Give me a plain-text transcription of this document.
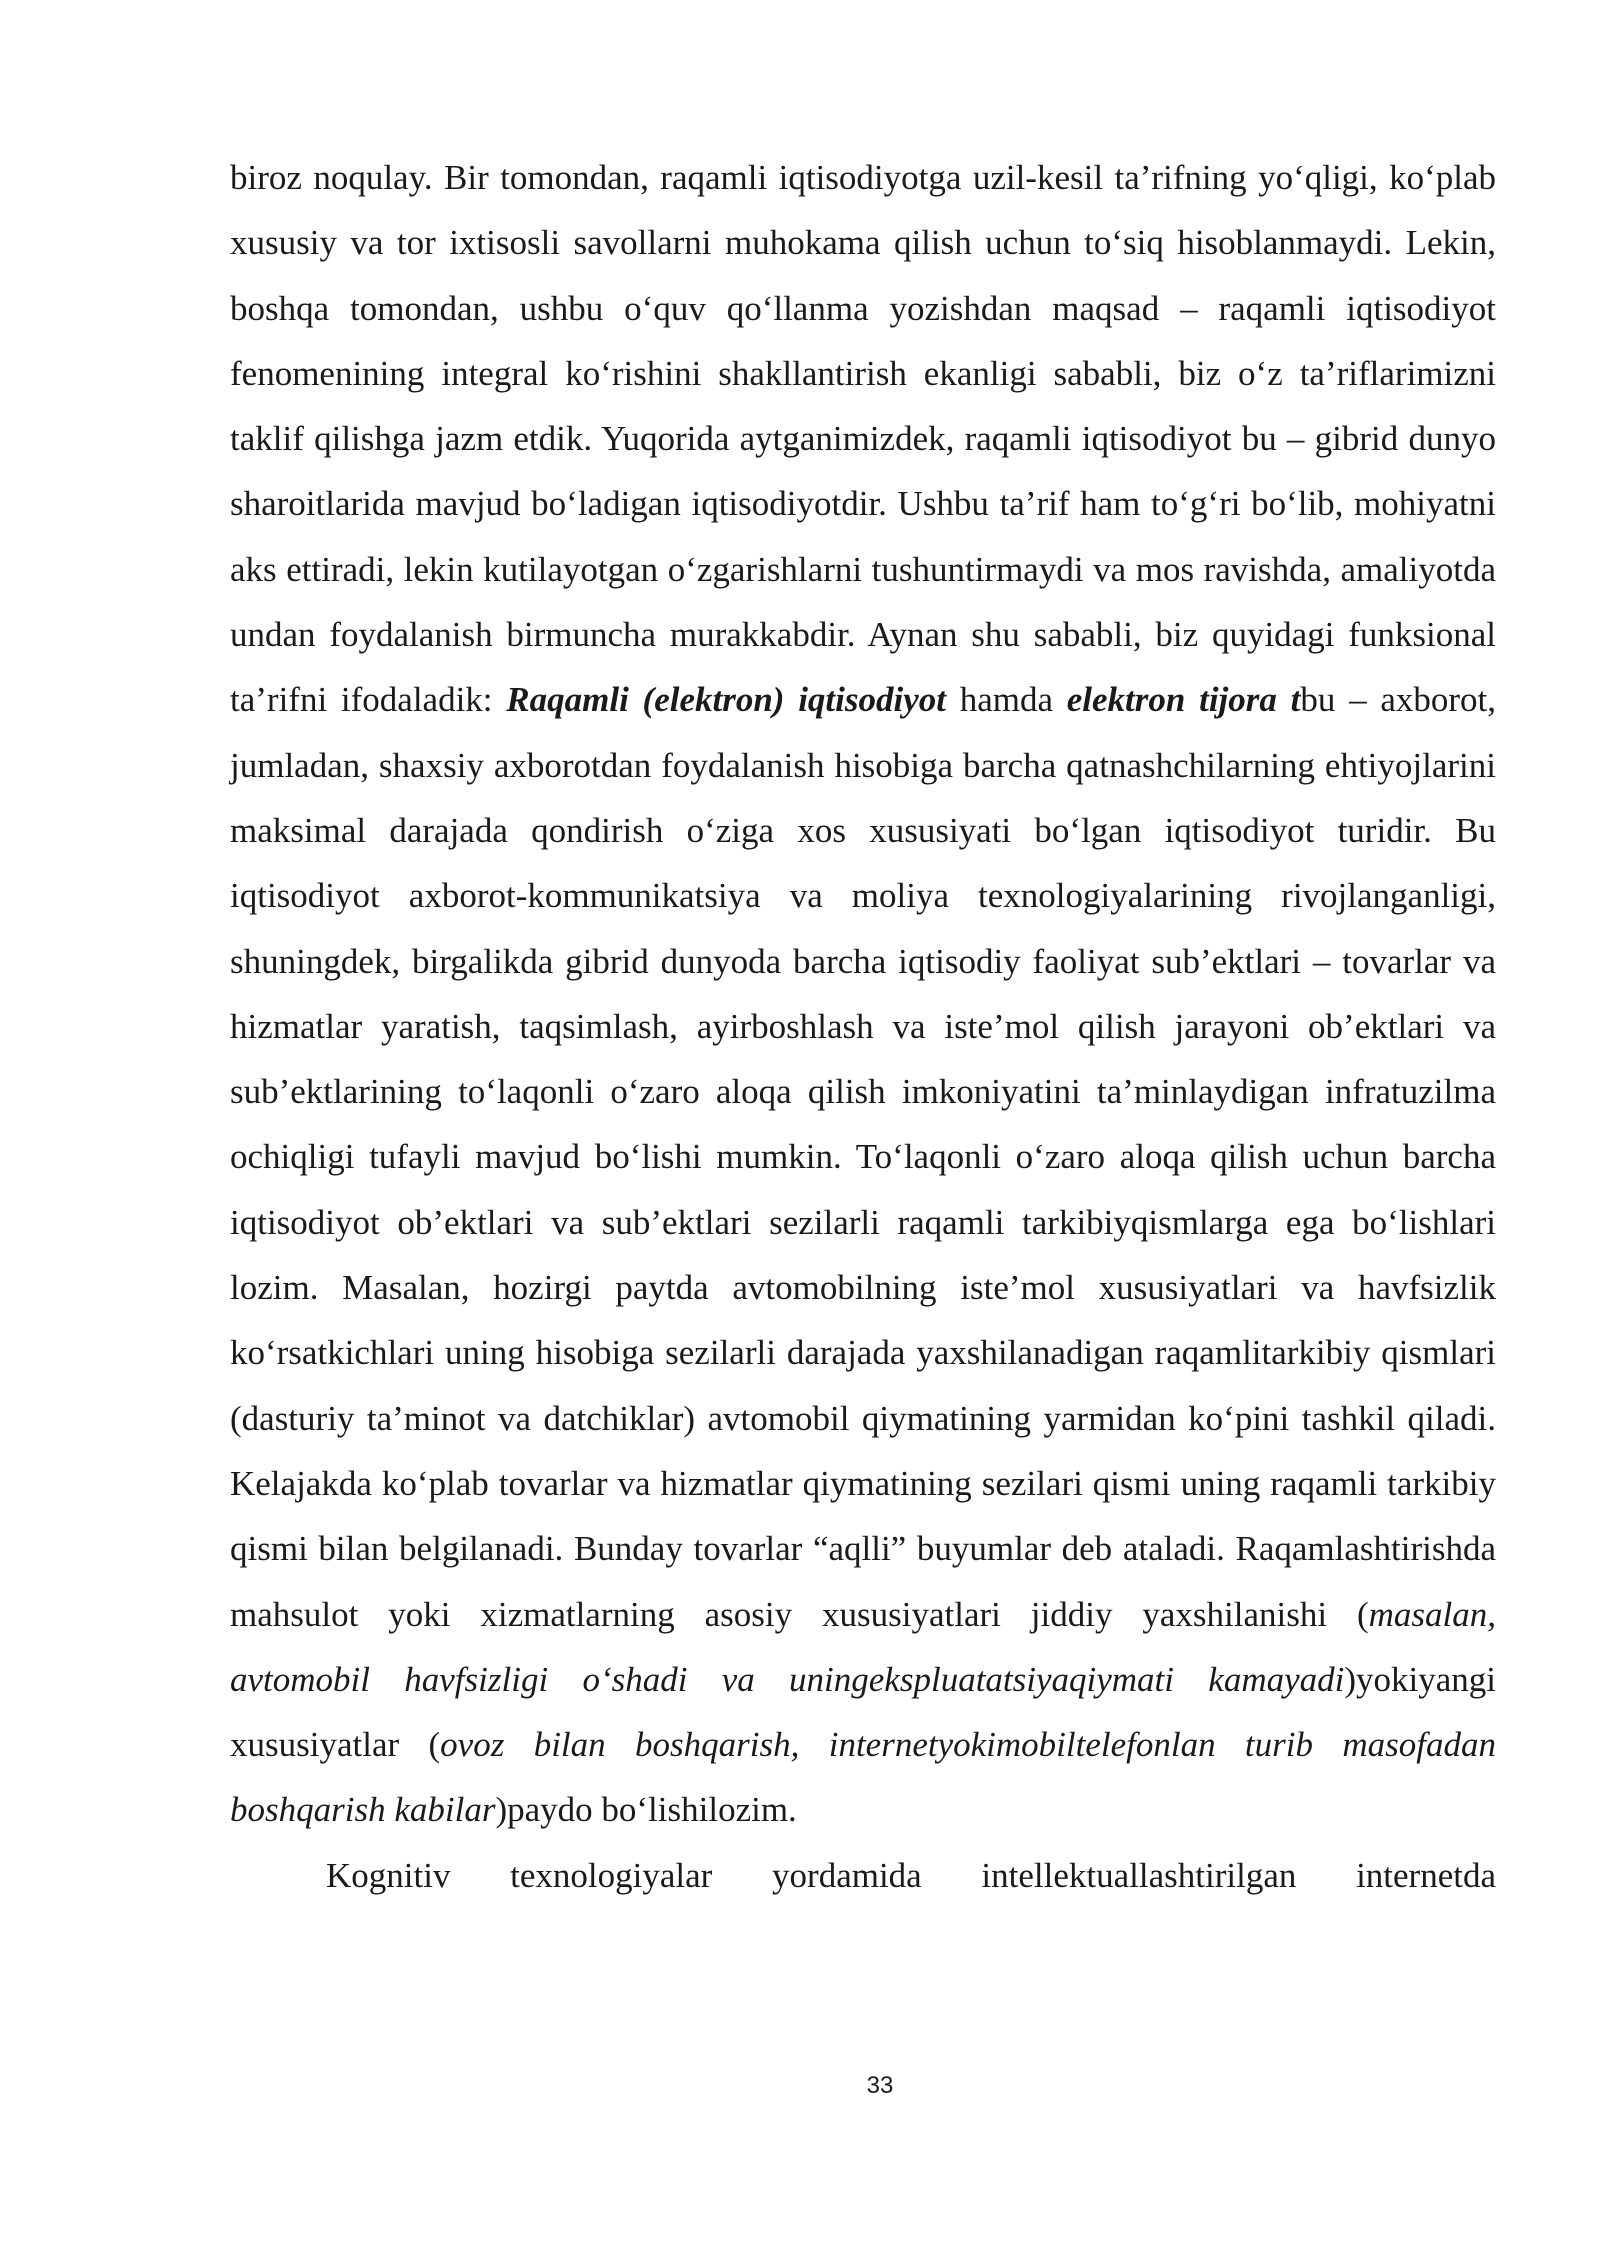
biroz noqulay. Bir tomondan, raqamli iqtisodiyotga uzil-kesil ta’rifning yo‘qligi, ko‘plab xususiy va tor ixtisosli savollarni muhokama qilish uchun to‘siq hisoblanmaydi. Lekin, boshqa tomondan, ushbu o‘quv qo‘llanma yozishdan maqsad – raqamli iqtisodiyot fenomenining integral ko‘rishini shakllantirish ekanligi sababli, biz o‘z ta’riflarimizni taklif qilishga jazm etdik. Yuqorida aytganimizdek, raqamli iqtisodiyot bu – gibrid dunyo sharoitlarida mavjud bo‘ladigan iqtisodiyotdir. Ushbu ta’rif ham to‘g‘ri bo‘lib, mohiyatni aks ettiradi, lekin kutilayotgan o‘zgarishlarni tushuntirmaydi va mos ravishda, amaliyotda undan foydalanish birmuncha murakkabdir. Aynan shu sababli, biz quyidagi funksional ta’rifni ifodaladik: Raqamli (elektron) iqtisodiyot hamda elektron tijora tbu – axborot, jumladan, shaxsiy axborotdan foydalanish hisobiga barcha qatnashchilarning ehtiyojlarini maksimal darajada qondirish o‘ziga xos xususiyati bo‘lgan iqtisodiyot turidir. Bu iqtisodiyot axborot-kommunikatsiya va moliya texnologiyalarining rivojlanganligi, shuningdek, birgalikda gibrid dunyoda barcha iqtisodiy faoliyat sub’ektlari – tovarlar va hizmatlar yaratish, taqsimlash, ayirboshlash va iste’mol qilish jarayoni ob’ektlari va sub’ektlarining to‘laqonli o‘zaro aloqa qilish imkoniyatini ta’minlaydigan infratuzilma ochiqligi tufayli mavjud bo‘lishi mumkin. To‘laqonli o‘zaro aloqa qilish uchun barcha iqtisodiyot ob’ektlari va sub’ektlari sezilarli raqamli tarkibiyqismlarga ega bo‘lishlari lozim. Masalan, hozirgi paytda avtomobilning iste’mol xususiyatlari va havfsizlik ko‘rsatkichlari uning hisobiga sezilarli darajada yaxshilanadigan raqamlitarkibiy qismlari (dasturiy ta’minot va datchiklar) avtomobil qiymatining yarmidan ko‘pini tashkil qiladi. Kelajakda ko‘plab tovarlar va hizmatlar qiymatining sezilari qismi uning raqamli tarkibiy qismi bilan belgilanadi. Bunday tovarlar “aqlli” buyumlar deb ataladi. Raqamlashtirishda mahsulot yoki xizmatlarning asosiy xususiyatlari jiddiy yaxshilanishi (masalan, avtomobil havfsizligi o‘shadi va uningekspluatatsiyaqiymati kamayadi)yokiyangi xususiyatlar (ovoz bilan boshqarish, internetyokimobiltelefonlan turib masofadan boshqarish kabilar)paydo bo‘lishilozim.

Kognitiv texnologiyalar yordamida intellektuallashtirilgan internetda

33
